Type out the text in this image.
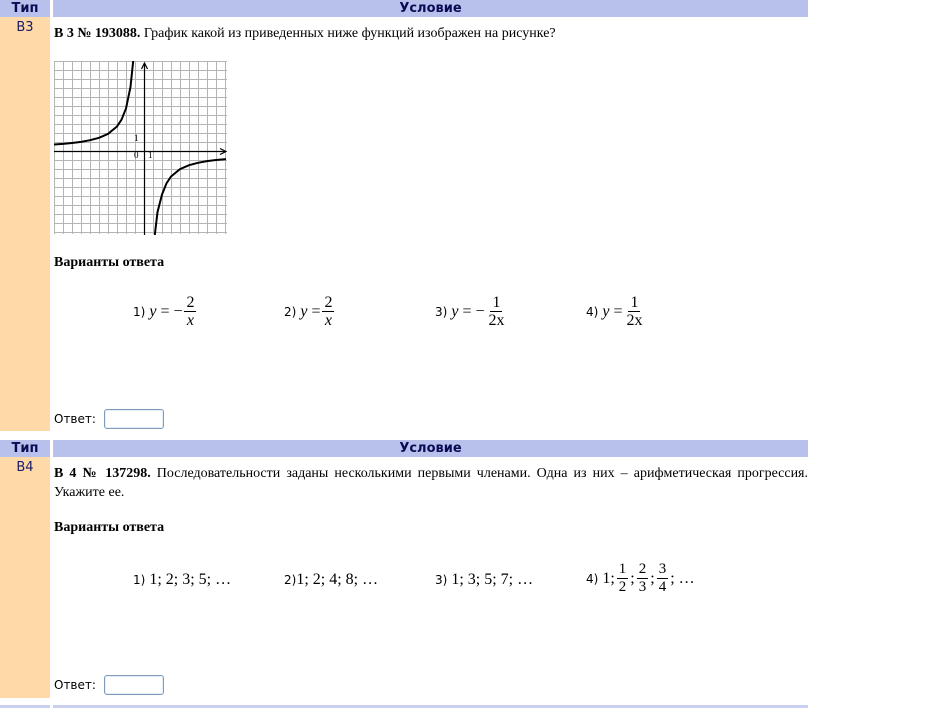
Тип	Условие
B3	B 3 № 193088. График какой из приведенных ниже функций изображен на рисунке?
1
0 1
Варианты ответа
1) y = − $\frac{2}{x}$	2) $y = \frac{2}{x}$	3) y = − $\frac{1}{2x}$	4) $y = \frac{1}{2x}$
Ответ:
Тип	Условие
B4	B 4 № 137298. Последовательности заданы несколькими первыми членами. Одна из них – арифметическая прогрессия. Укажите ее.
Варианты ответа
1) 1; 2; 3; 5; …	2) 1; 2; 4; 8; …	3) 1; 3; 5; 7; …	4) 1; $\frac{1}{2}$ ; $\frac{2}{3}$ ; $\frac{3}{4}$ ; …
Ответ:
